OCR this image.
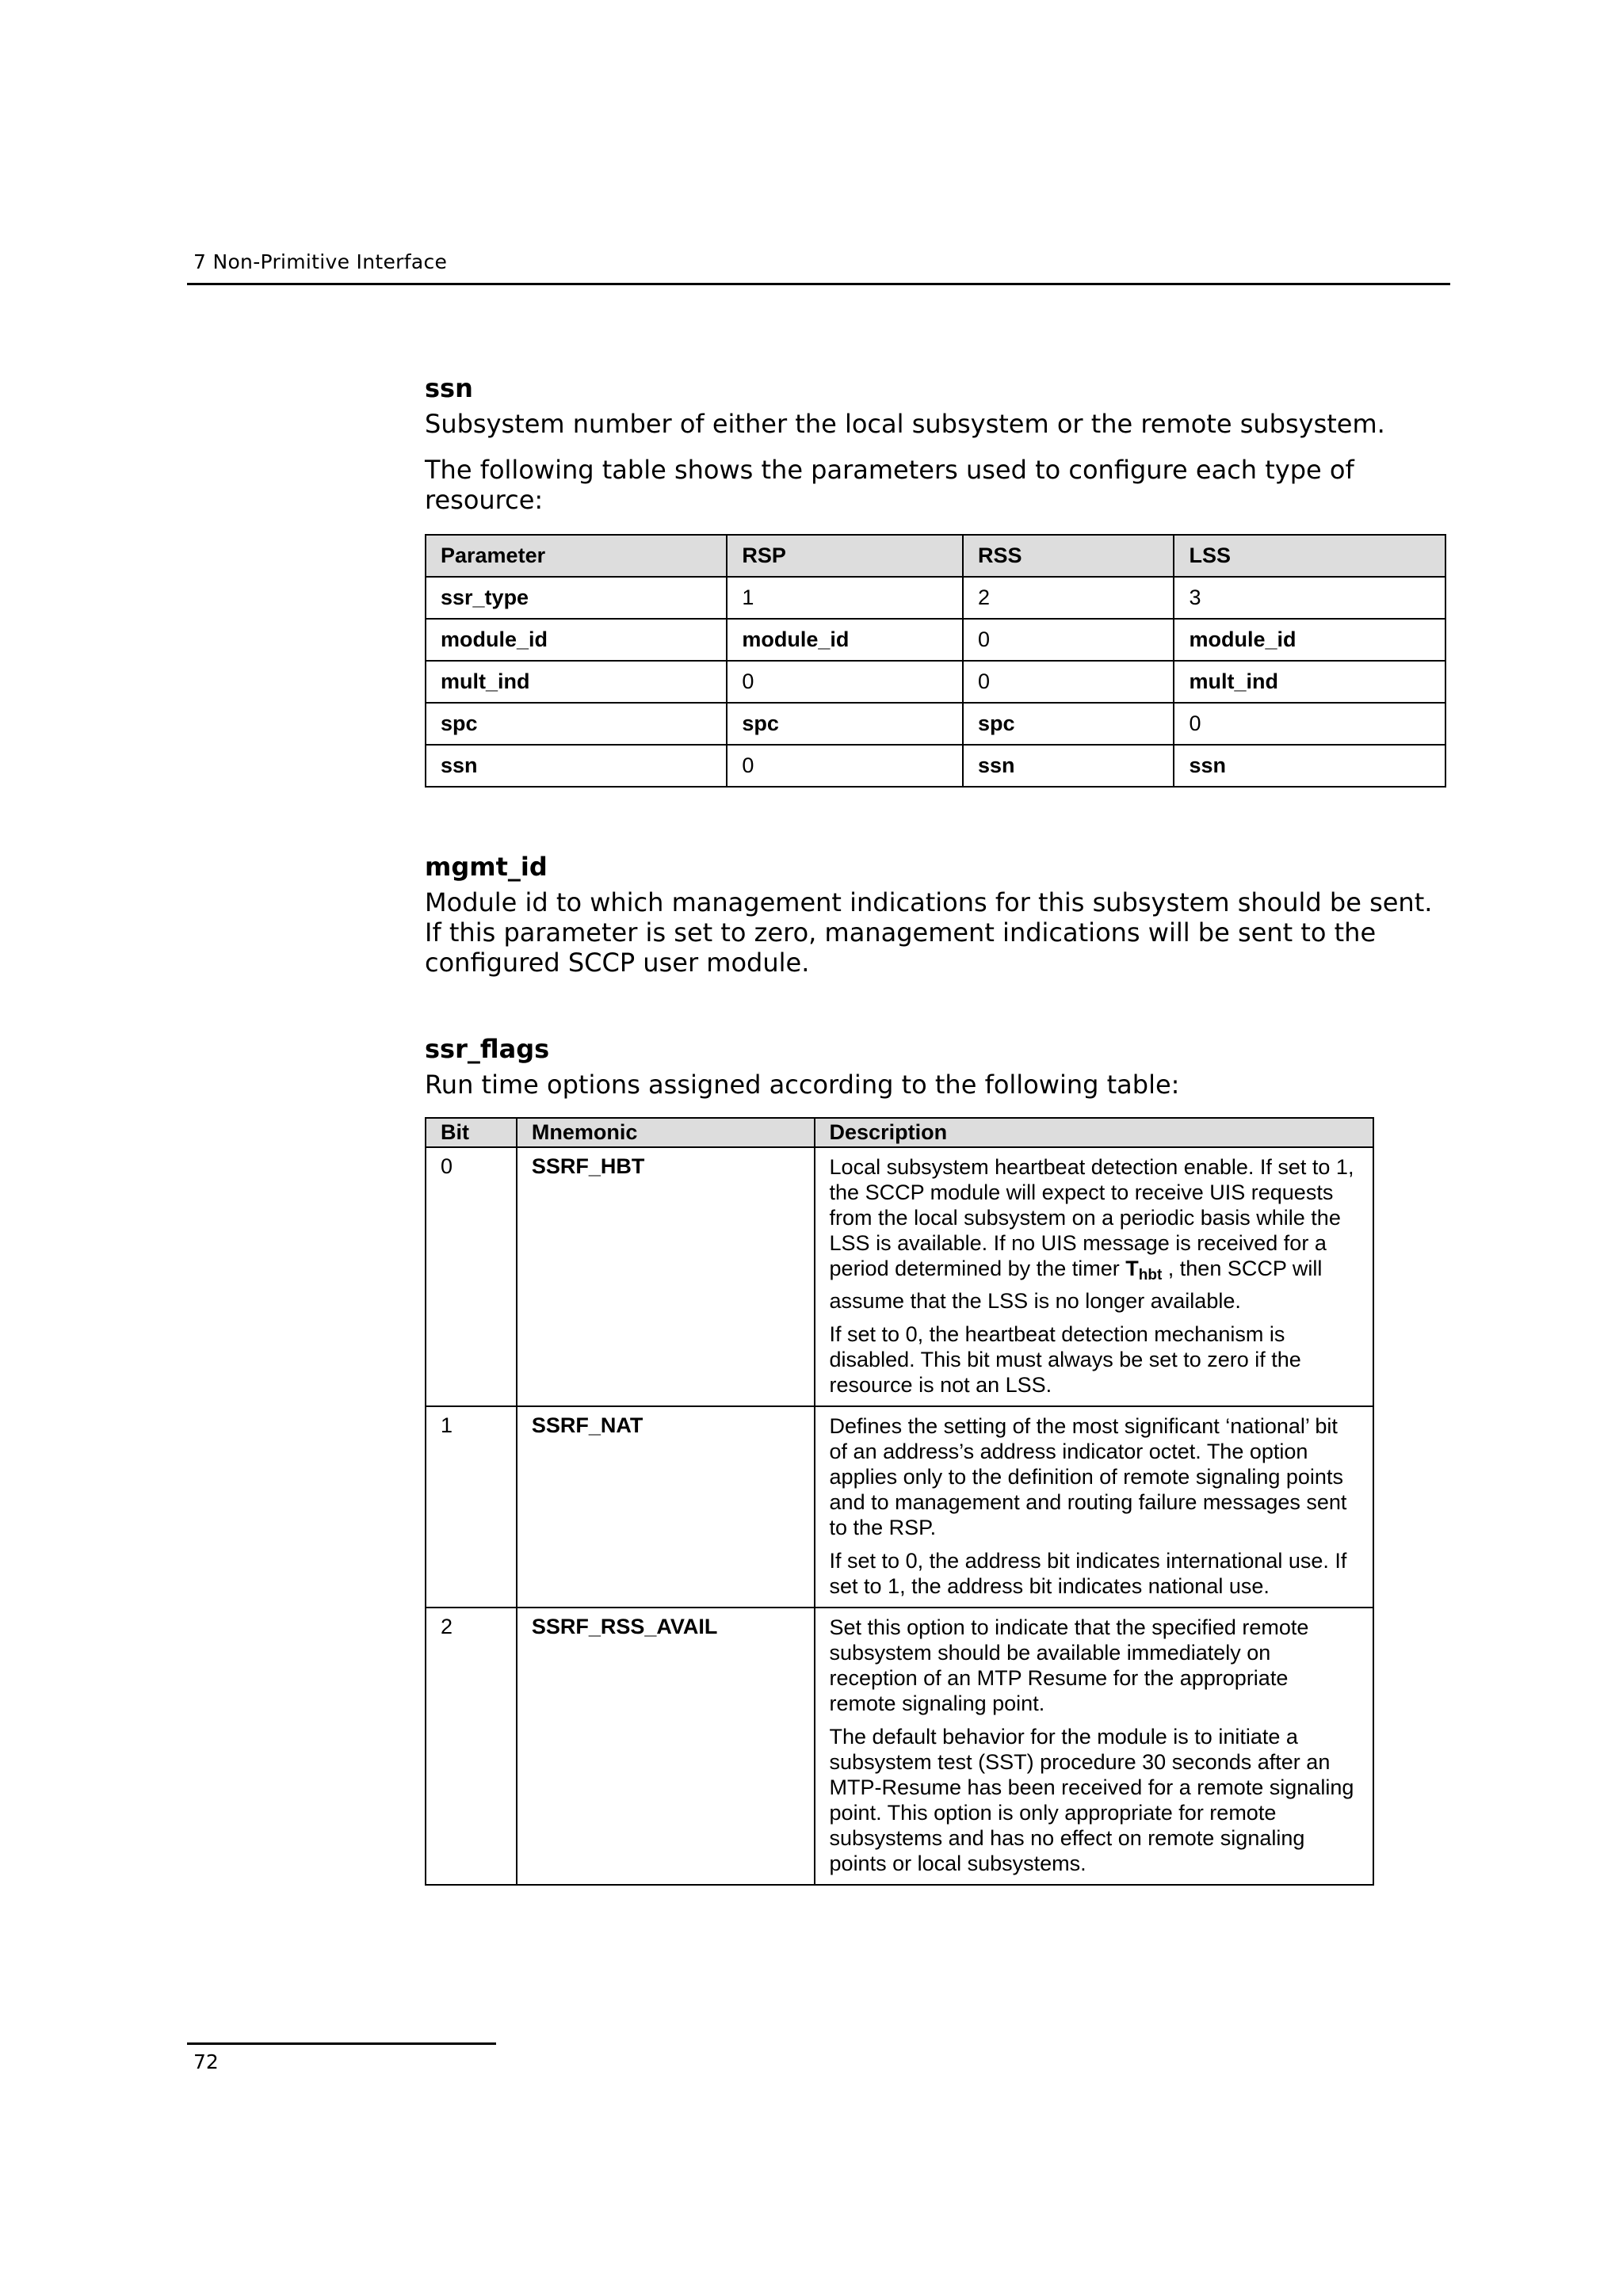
7 Non-Primitive Interface
ssn

Subsystem number of either the local subsystem or the remote subsystem.

The following table shows the parameters used to configure each type of resource:

Parameter	RSP	RSS	LSS
ssr_type	1	2	3
module_id	module_id	0	module_id
mult_ind	0	0	mult_ind
spc	spc	spc	0
ssn	0	ssn	ssn
mgmt_id

Module id to which management indications for this subsystem should be sent. If this parameter is set to zero, management indications will be sent to the configured SCCP user module.

ssr_flags

Run time options assigned according to the following table:

Bit	Mnemonic	Description
0	SSRF_HBT	Local subsystem heartbeat detection enable. If set to 1, the SCCP module will expect to receive UIS requests from the local subsystem on a periodic basis while the LSS is available. If no UIS message is received for a period determined by the timer $T_{hbt}$ , then SCCP will assume that the LSS is no longer available.

If set to 0, the heartbeat detection mechanism is disabled. This bit must always be set to zero if the resource is not an LSS.

1	SSRF_NAT	Defines the setting of the most significant ‘national’ bit of an address’s address indicator octet. The option applies only to the definition of remote signaling points and to management and routing failure messages sent to the RSP.

If set to 0, the address bit indicates international use. If set to 1, the address bit indicates national use.

2	SSRF_RSS_AVAIL	Set this option to indicate that the specified remote subsystem should be available immediately on reception of an MTP Resume for the appropriate remote signaling point.

The default behavior for the module is to initiate a subsystem test (SST) procedure 30 seconds after an MTP-Resume has been received for a remote signaling point. This option is only appropriate for remote subsystems and has no effect on remote signaling points or local subsystems.

72
